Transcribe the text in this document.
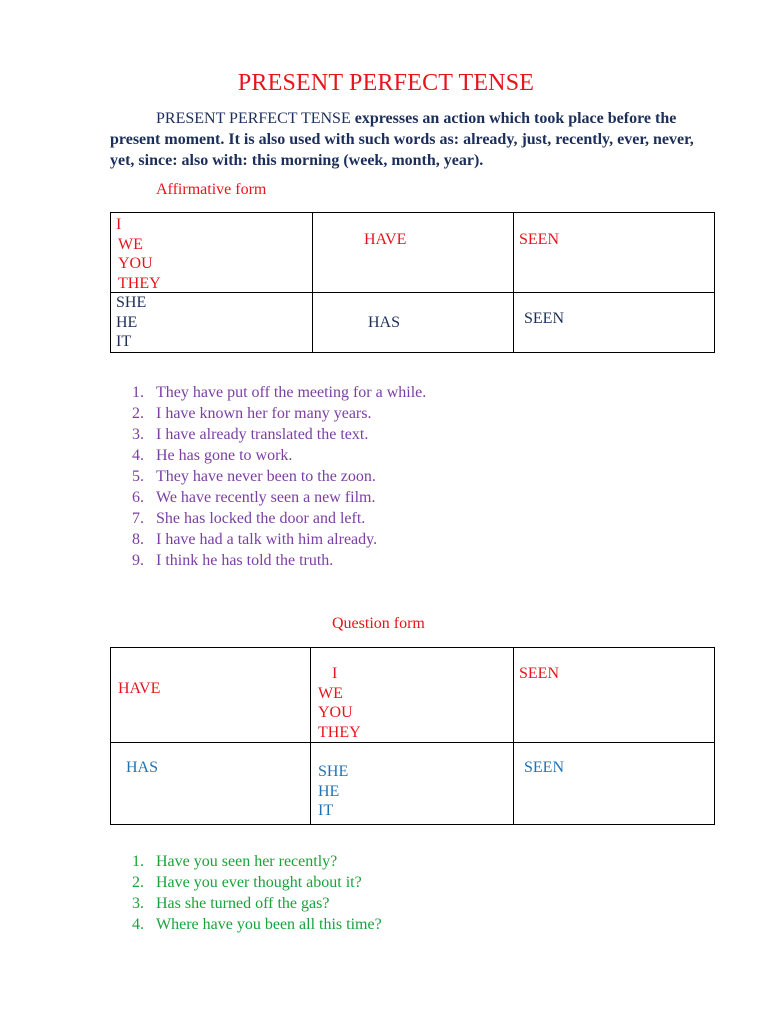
PRESENT PERFECT TENSE
PRESENT PERFECT TENSE expresses an action which took place before the present moment. It is also used with such words as: already, just, recently, ever, never, yet, since: also with: this morning (week, month, year).
Affirmative form
I
WE
YOU
THEY	HAVE	SEEN

SHE
HE
IT	HAS	SEEN
1. They have put off the meeting for a while.
2. I have known her for many years.
3. I have already translated the text.
4. He has gone to work.
5. They have never been to the zoon.
6. We have recently seen a new film.
7. She has locked the door and left.
8. I have had a talk with him already.
9. I think he has told the truth.
Question form
HAVE	I
WE
YOU
THEY	SEEN

HAS	SHE
HE
IT	SEEN
1. Have you seen her recently?
2. Have you ever thought about it?
3. Has she turned off the gas?
4. Where have you been all this time?
